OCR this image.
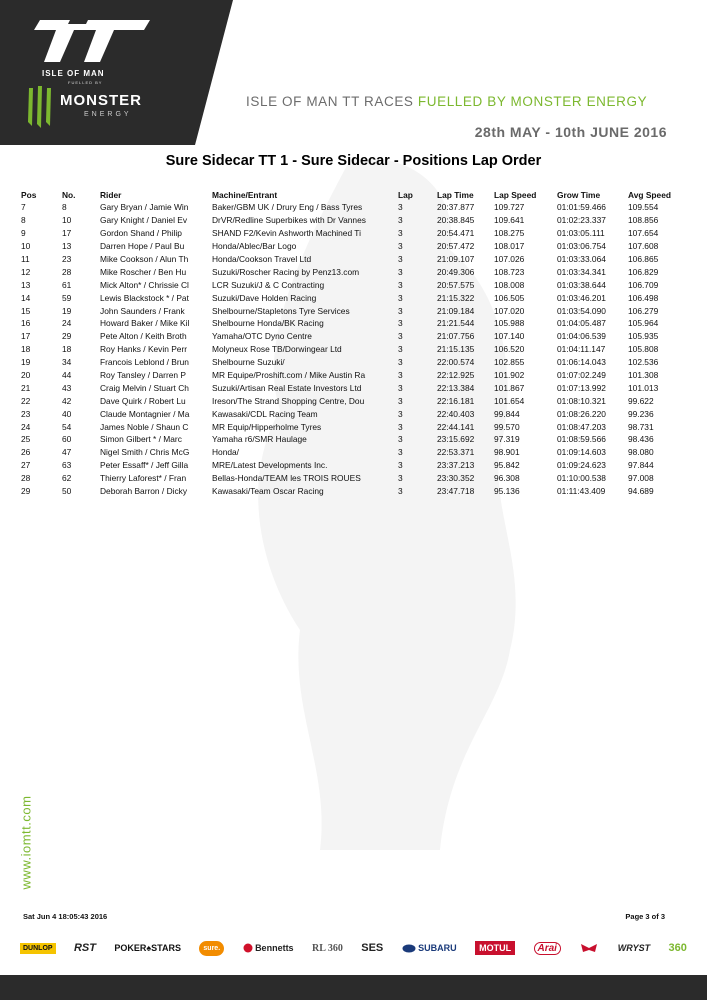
ISLE OF MAN
FUELLED BY
MONSTER
ENERGY
ISLE OF MAN TT RACES FUELLED BY MONSTER ENERGY
28th MAY - 10th JUNE 2016
Sure Sidecar TT 1 - Sure Sidecar - Positions Lap Order
Pos	No.	Rider	Machine/Entrant	Lap	Lap Time	Lap Speed	Grow Time	Avg Speed
7	8	Gary Bryan / Jamie Win	Baker/GBM UK / Drury Eng / Bass Tyres	3	20:37.877	109.727	01:01:59.466	109.554
8	10	Gary Knight / Daniel Ev	DrVR/Redline Superbikes with Dr Vannes	3	20:38.845	109.641	01:02:23.337	108.856
9	17	Gordon Shand / Philip	SHAND F2/Kevin Ashworth Machined Ti	3	20:54.471	108.275	01:03:05.111	107.654
10	13	Darren Hope / Paul Bu	Honda/Ablec/Bar Logo	3	20:57.472	108.017	01:03:06.754	107.608
11	23	Mike Cookson / Alun Th	Honda/Cookson Travel Ltd	3	21:09.107	107.026	01:03:33.064	106.865
12	28	Mike Roscher / Ben Hu	Suzuki/Roscher Racing by Penz13.com	3	20:49.306	108.723	01:03:34.341	106.829
13	61	Mick Alton* / Chrissie Cl	LCR Suzuki/J & C Contracting	3	20:57.575	108.008	01:03:38.644	106.709
14	59	Lewis Blackstock * / Pat	Suzuki/Dave Holden Racing	3	21:15.322	106.505	01:03:46.201	106.498
15	19	John Saunders / Frank	Shelbourne/Stapletons Tyre Services	3	21:09.184	107.020	01:03:54.090	106.279
16	24	Howard Baker / Mike Kil	Shelbourne Honda/BK Racing	3	21:21.544	105.988	01:04:05.487	105.964
17	29	Pete Alton / Keith Broth	Yamaha/OTC Dyno Centre	3	21:07.756	107.140	01:04:06.539	105.935
18	18	Roy Hanks / Kevin Perr	Molyneux Rose TB/Dorwingear Ltd	3	21:15.135	106.520	01:04:11.147	105.808
19	34	Francois Leblond / Brun	Shelbourne Suzuki/	3	22:00.574	102.855	01:06:14.043	102.536
20	44	Roy Tansley / Darren P	MR Equipe/Proshift.com / Mike Austin Ra	3	22:12.925	101.902	01:07:02.249	101.308
21	43	Craig Melvin / Stuart Ch	Suzuki/Artisan Real Estate Investors Ltd	3	22:13.384	101.867	01:07:13.992	101.013
22	42	Dave Quirk / Robert Lu	Ireson/The Strand Shopping Centre, Dou	3	22:16.181	101.654	01:08:10.321	99.622
23	40	Claude Montagnier / Ma	Kawasaki/CDL Racing Team	3	22:40.403	99.844	01:08:26.220	99.236
24	54	James Noble / Shaun C	MR Equip/Hipperholme Tyres	3	22:44.141	99.570	01:08:47.203	98.731
25	60	Simon Gilbert * / Marc	Yamaha r6/SMR Haulage	3	23:15.692	97.319	01:08:59.566	98.436
26	47	Nigel Smith / Chris McG	Honda/	3	22:53.371	98.901	01:09:14.603	98.080
27	63	Peter Essaff* / Jeff Gilla	MRE/Latest Developments Inc.	3	23:37.213	95.842	01:09:24.623	97.844
28	62	Thierry Laforest* / Fran	Bellas-Honda/TEAM les TROIS ROUES	3	23:30.352	96.308	01:10:00.538	97.008
29	50	Deborah Barron / Dicky	Kawasaki/Team Oscar Racing	3	23:47.718	95.136	01:11:43.409	94.689
www.iomtt.com
Sat Jun 4 18:05:43 2016	Page 3 of 3
DUNLOP RST POKER♠STARS	sure.
	Bennetts RL 360 SES
	SUBARU	MOTUL	Arai	WRYST 360
